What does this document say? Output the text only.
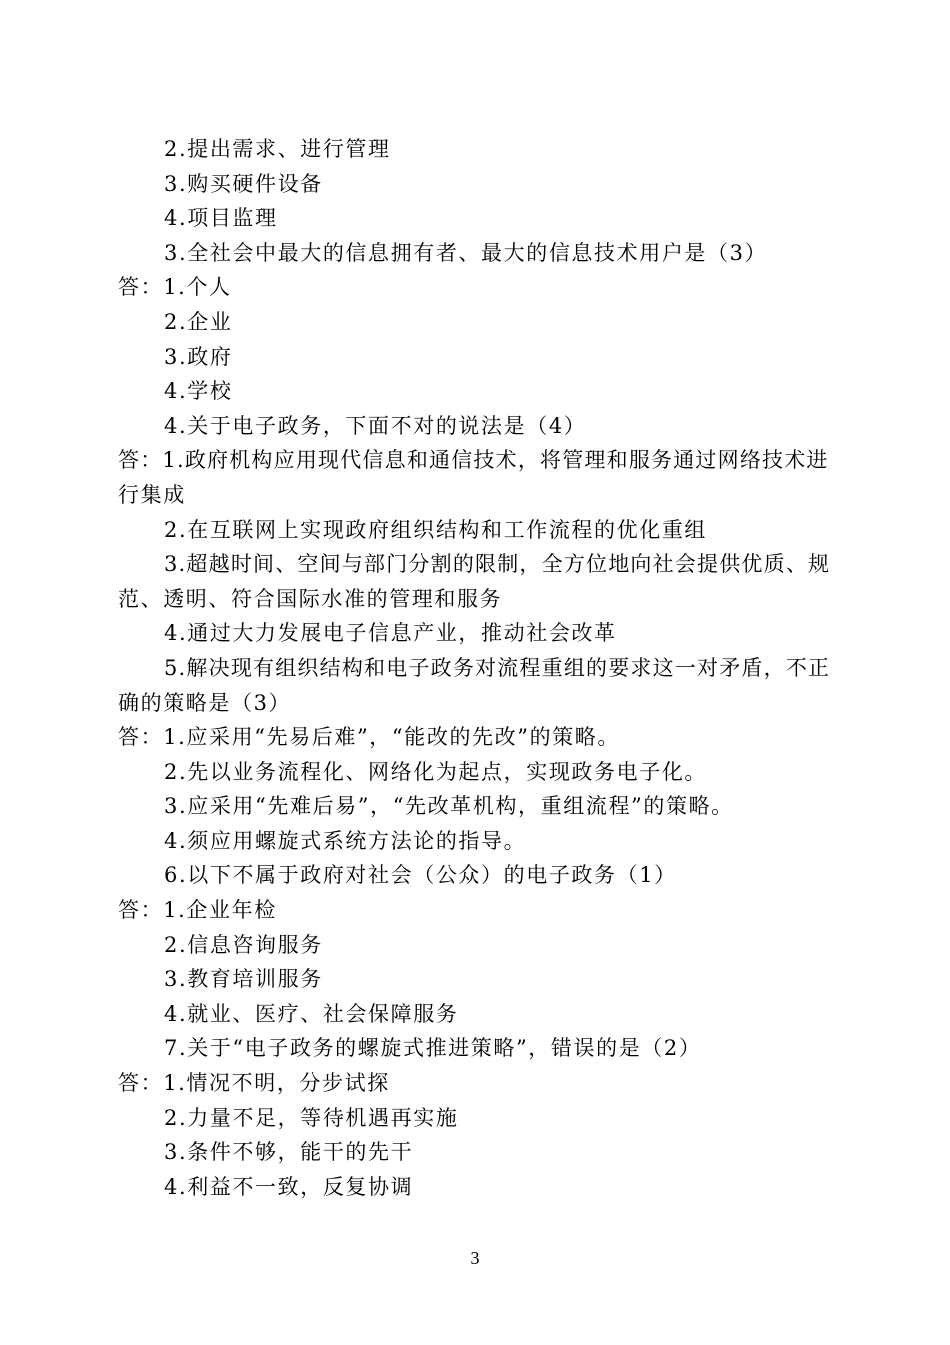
2.提出需求、进行管理
3.购买硬件设备
4.项目监理
3.全社会中最大的信息拥有者、最大的信息技术用户是（3）
答：1.个人
2.企业
3.政府
4.学校
4.关于电子政务，下面不对的说法是（4）
答：1.政府机构应用现代信息和通信技术，将管理和服务通过网络技术进
行集成
2.在互联网上实现政府组织结构和工作流程的优化重组
3.超越时间、空间与部门分割的限制，全方位地向社会提供优质、规
范、透明、符合国际水准的管理和服务
4.通过大力发展电子信息产业，推动社会改革
5.解决现有组织结构和电子政务对流程重组的要求这一对矛盾，不正
确的策略是（3）
答：1.应采用“先易后难”，“能改的先改”的策略。
2.先以业务流程化、网络化为起点，实现政务电子化。
3.应采用“先难后易”，“先改革机构，重组流程”的策略。
4.须应用螺旋式系统方法论的指导。
6.以下不属于政府对社会（公众）的电子政务（1）
答：1.企业年检
2.信息咨询服务
3.教育培训服务
4.就业、医疗、社会保障服务
7.关于“电子政务的螺旋式推进策略”，错误的是（2）
答：1.情况不明，分步试探
2.力量不足，等待机遇再实施
3.条件不够，能干的先干
4.利益不一致，反复协调
3
